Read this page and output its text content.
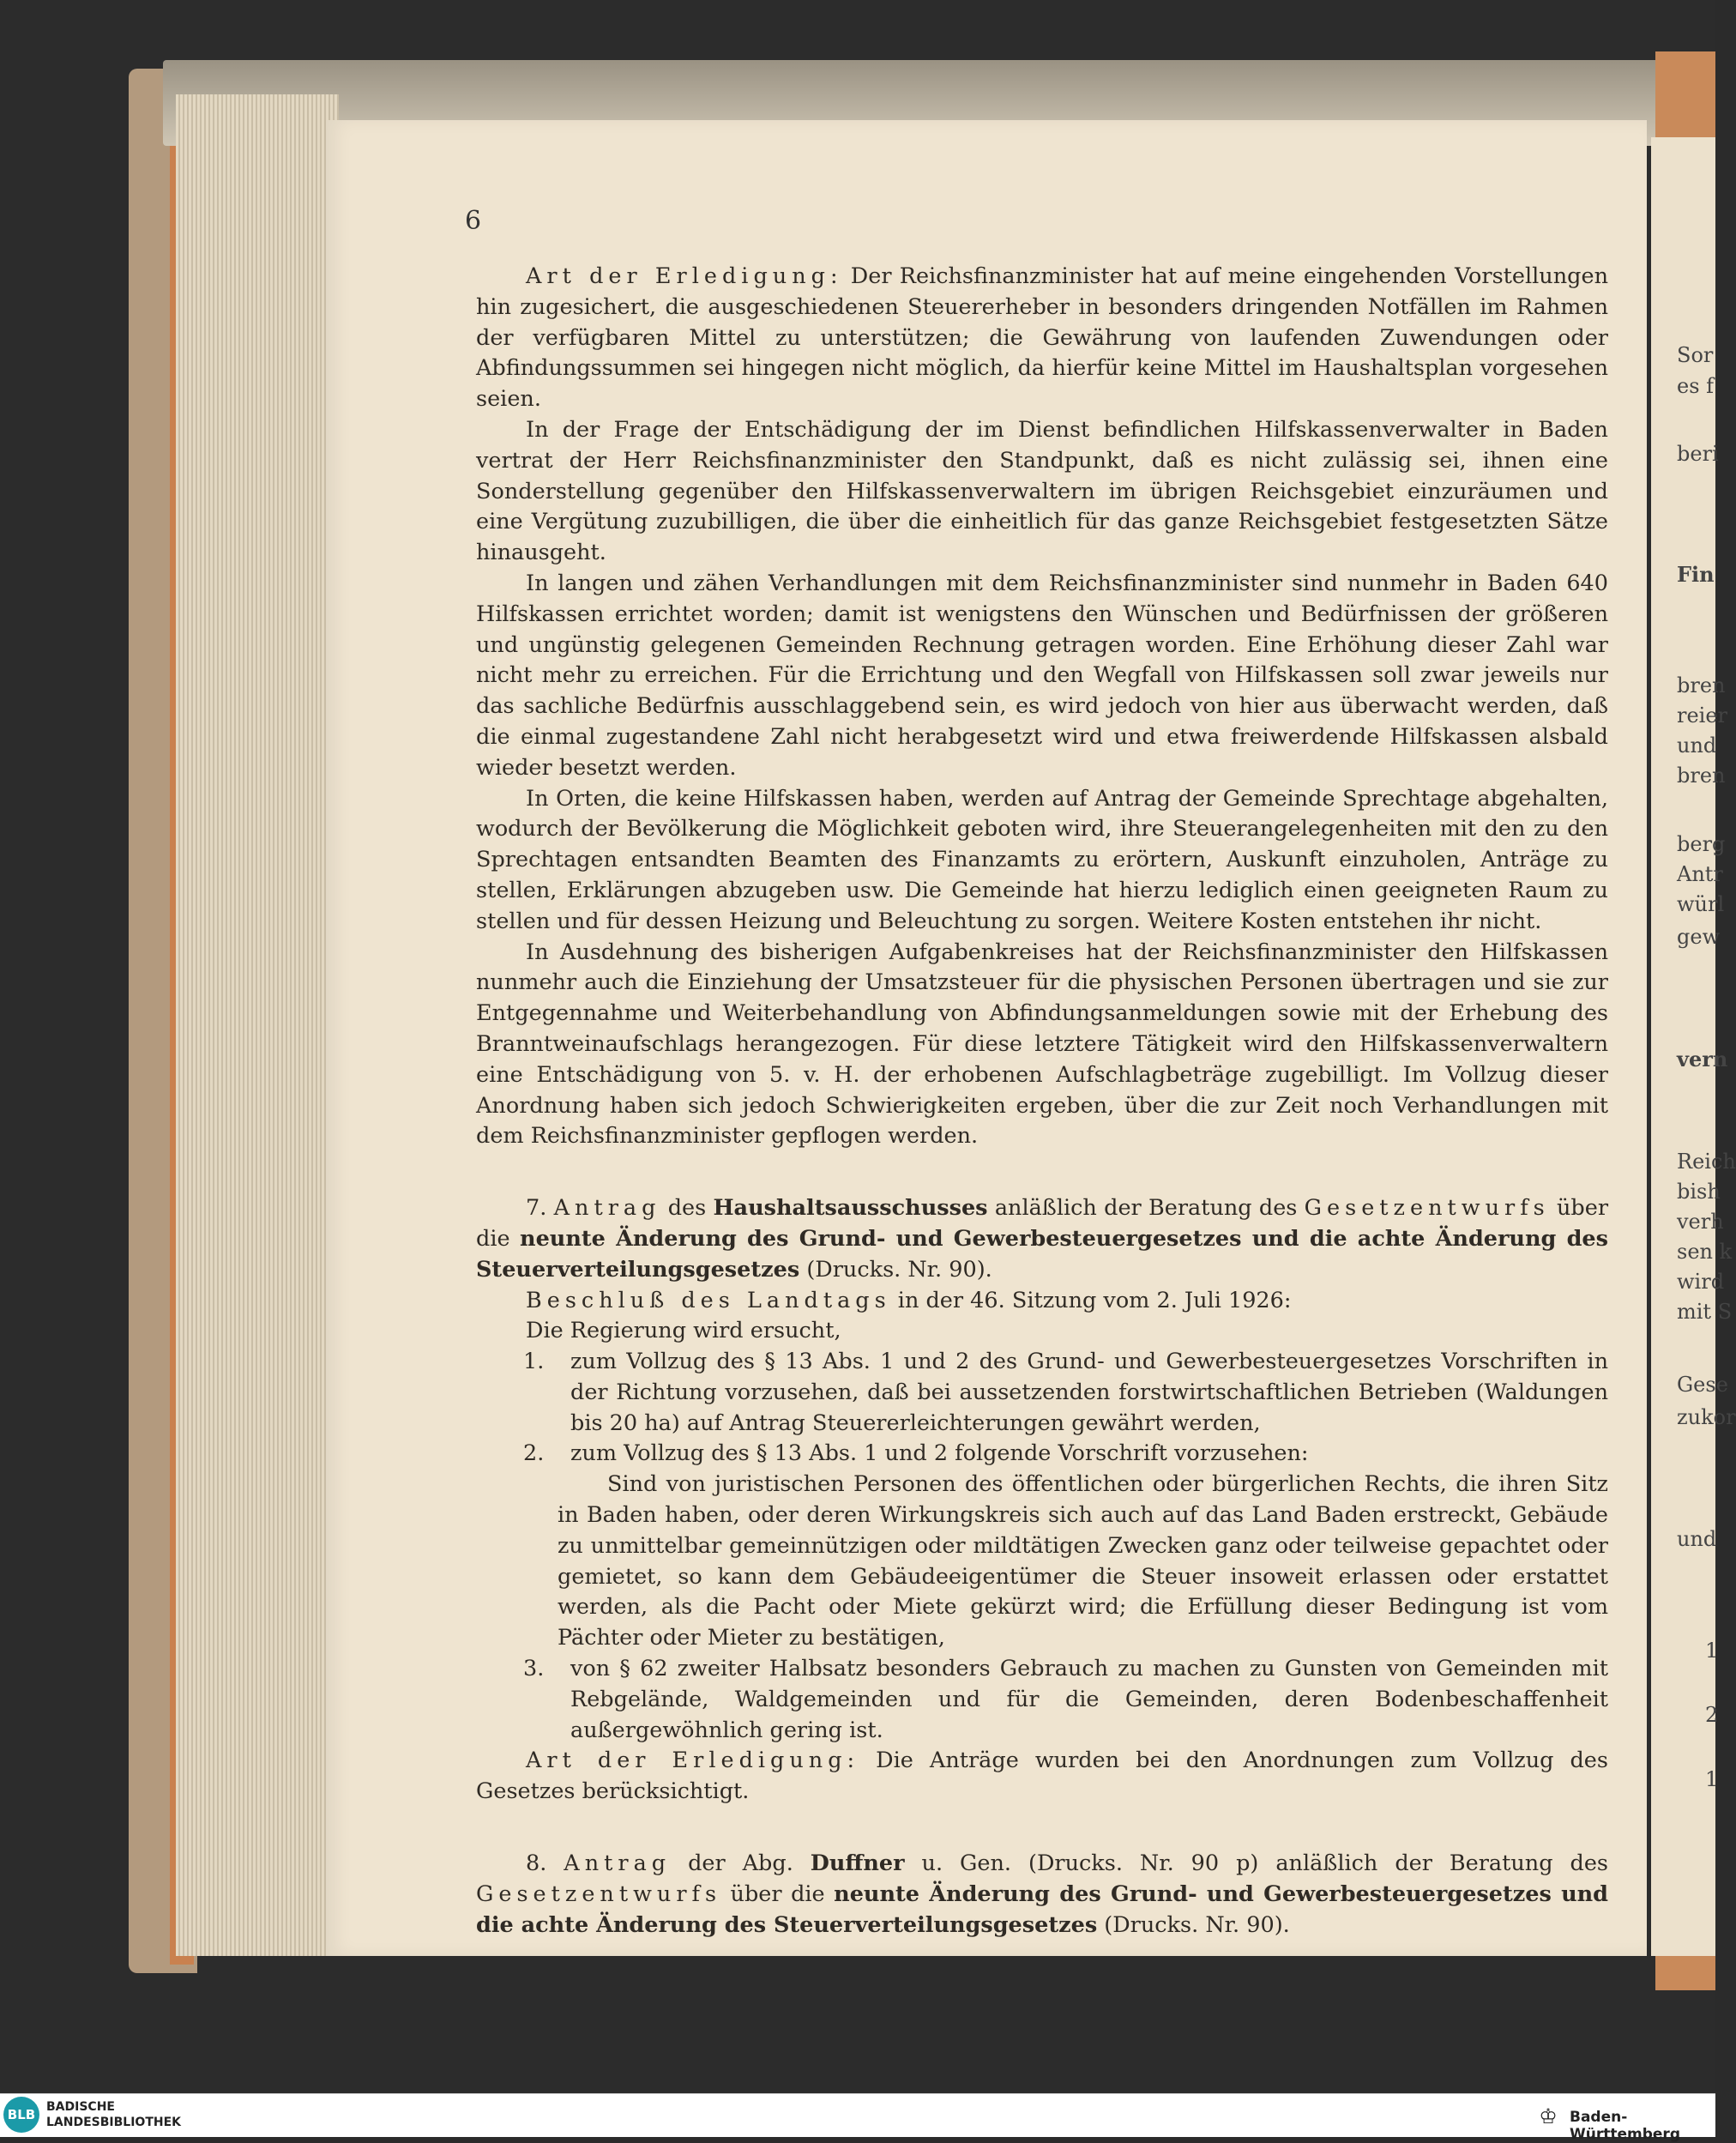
Sor
es f
beri
Fin
bren
reier
und
bren
berg
Antr
würl
gew
vern
Reich
bish
verh
sen k
wird
mit S
Gese
zukor
und
1
2
1
6

Art der Erledigung: Der Reichsfinanzminister hat auf meine eingehenden Vorstellungen hin zugesichert, die ausgeschiedenen Steuererheber in besonders dringenden Notfällen im Rahmen der verfügbaren Mittel zu unterstützen; die Gewährung von laufenden Zuwendungen oder Abfindungssummen sei hingegen nicht möglich, da hierfür keine Mittel im Haushaltsplan vorgesehen seien.

In der Frage der Entschädigung der im Dienst befindlichen Hilfskassenverwalter in Baden vertrat der Herr Reichsfinanzminister den Standpunkt, daß es nicht zulässig sei, ihnen eine Sonderstellung gegenüber den Hilfskassenverwaltern im übrigen Reichsgebiet einzuräumen und eine Vergütung zuzubilligen, die über die einheitlich für das ganze Reichsgebiet festgesetzten Sätze hinausgeht.

In langen und zähen Verhandlungen mit dem Reichsfinanzminister sind nunmehr in Baden 640 Hilfskassen errichtet worden; damit ist wenigstens den Wünschen und Bedürfnissen der größeren und ungünstig gelegenen Gemeinden Rechnung getragen worden. Eine Erhöhung dieser Zahl war nicht mehr zu erreichen. Für die Errichtung und den Wegfall von Hilfskassen soll zwar jeweils nur das sachliche Bedürfnis ausschlaggebend sein, es wird jedoch von hier aus überwacht werden, daß die einmal zugestandene Zahl nicht herabgesetzt wird und etwa freiwerdende Hilfskassen alsbald wieder besetzt werden.

In Orten, die keine Hilfskassen haben, werden auf Antrag der Gemeinde Sprechtage abgehalten, wodurch der Bevölkerung die Möglichkeit geboten wird, ihre Steuerangelegenheiten mit den zu den Sprechtagen entsandten Beamten des Finanzamts zu erörtern, Auskunft einzuholen, Anträge zu stellen, Erklärungen abzugeben usw. Die Gemeinde hat hierzu lediglich einen geeigneten Raum zu stellen und für dessen Heizung und Beleuchtung zu sorgen. Weitere Kosten entstehen ihr nicht.

In Ausdehnung des bisherigen Aufgabenkreises hat der Reichsfinanzminister den Hilfskassen nunmehr auch die Einziehung der Umsatzsteuer für die physischen Personen übertragen und sie zur Entgegennahme und Weiterbehandlung von Abfindungsanmeldungen sowie mit der Erhebung des Branntweinaufschlags herangezogen. Für diese letztere Tätigkeit wird den Hilfskassenverwaltern eine Entschädigung von 5. v. H. der erhobenen Aufschlagbeträge zugebilligt. Im Vollzug dieser Anordnung haben sich jedoch Schwierigkeiten ergeben, über die zur Zeit noch Verhandlungen mit dem Reichsfinanzminister gepflogen werden.

7. Antrag des Haushaltsausschusses anläßlich der Beratung des Gesetzentwurfs über die neunte Änderung des Grund- und Gewerbesteuergesetzes und die achte Änderung des Steuerverteilungsgesetzes (Drucks. Nr. 90).

Beschluß des Landtags in der 46. Sitzung vom 2. Juli 1926:

Die Regierung wird ersucht,

1.	zum Vollzug des § 13 Abs. 1 und 2 des Grund- und Gewerbesteuergesetzes Vorschriften in der Richtung vorzusehen, daß bei aussetzenden forstwirtschaftlichen Betrieben (Waldungen bis 20 ha) auf Antrag Steuererleichterungen gewährt werden,
2.	zum Vollzug des § 13 Abs. 1 und 2 folgende Vorschrift vorzusehen:

Sind von juristischen Personen des öffentlichen oder bürgerlichen Rechts, die ihren Sitz in Baden haben, oder deren Wirkungskreis sich auch auf das Land Baden erstreckt, Gebäude zu unmittelbar gemeinnützigen oder mildtätigen Zwecken ganz oder teilweise gepachtet oder gemietet, so kann dem Gebäudeeigentümer die Steuer insoweit erlassen oder erstattet werden, als die Pacht oder Miete gekürzt wird; die Erfüllung dieser Bedingung ist vom Pächter oder Mieter zu bestätigen,

3.	von § 62 zweiter Halbsatz besonders Gebrauch zu machen zu Gunsten von Gemeinden mit Rebgelände, Waldgemeinden und für die Gemeinden, deren Bodenbeschaffenheit außergewöhnlich gering ist.

Art der Erledigung: Die Anträge wurden bei den Anordnungen zum Vollzug des Gesetzes berücksichtigt.

8. Antrag der Abg. Duffner u. Gen. (Drucks. Nr. 90 p) anläßlich der Beratung des Gesetzentwurfs über die neunte Änderung des Grund- und Gewerbesteuergesetzes und die achte Änderung des Steuerverteilungsgesetzes (Drucks. Nr. 90).

BLB BADISCHE
LANDESBIBLIOTHEK	♔ Baden-Württemberg
